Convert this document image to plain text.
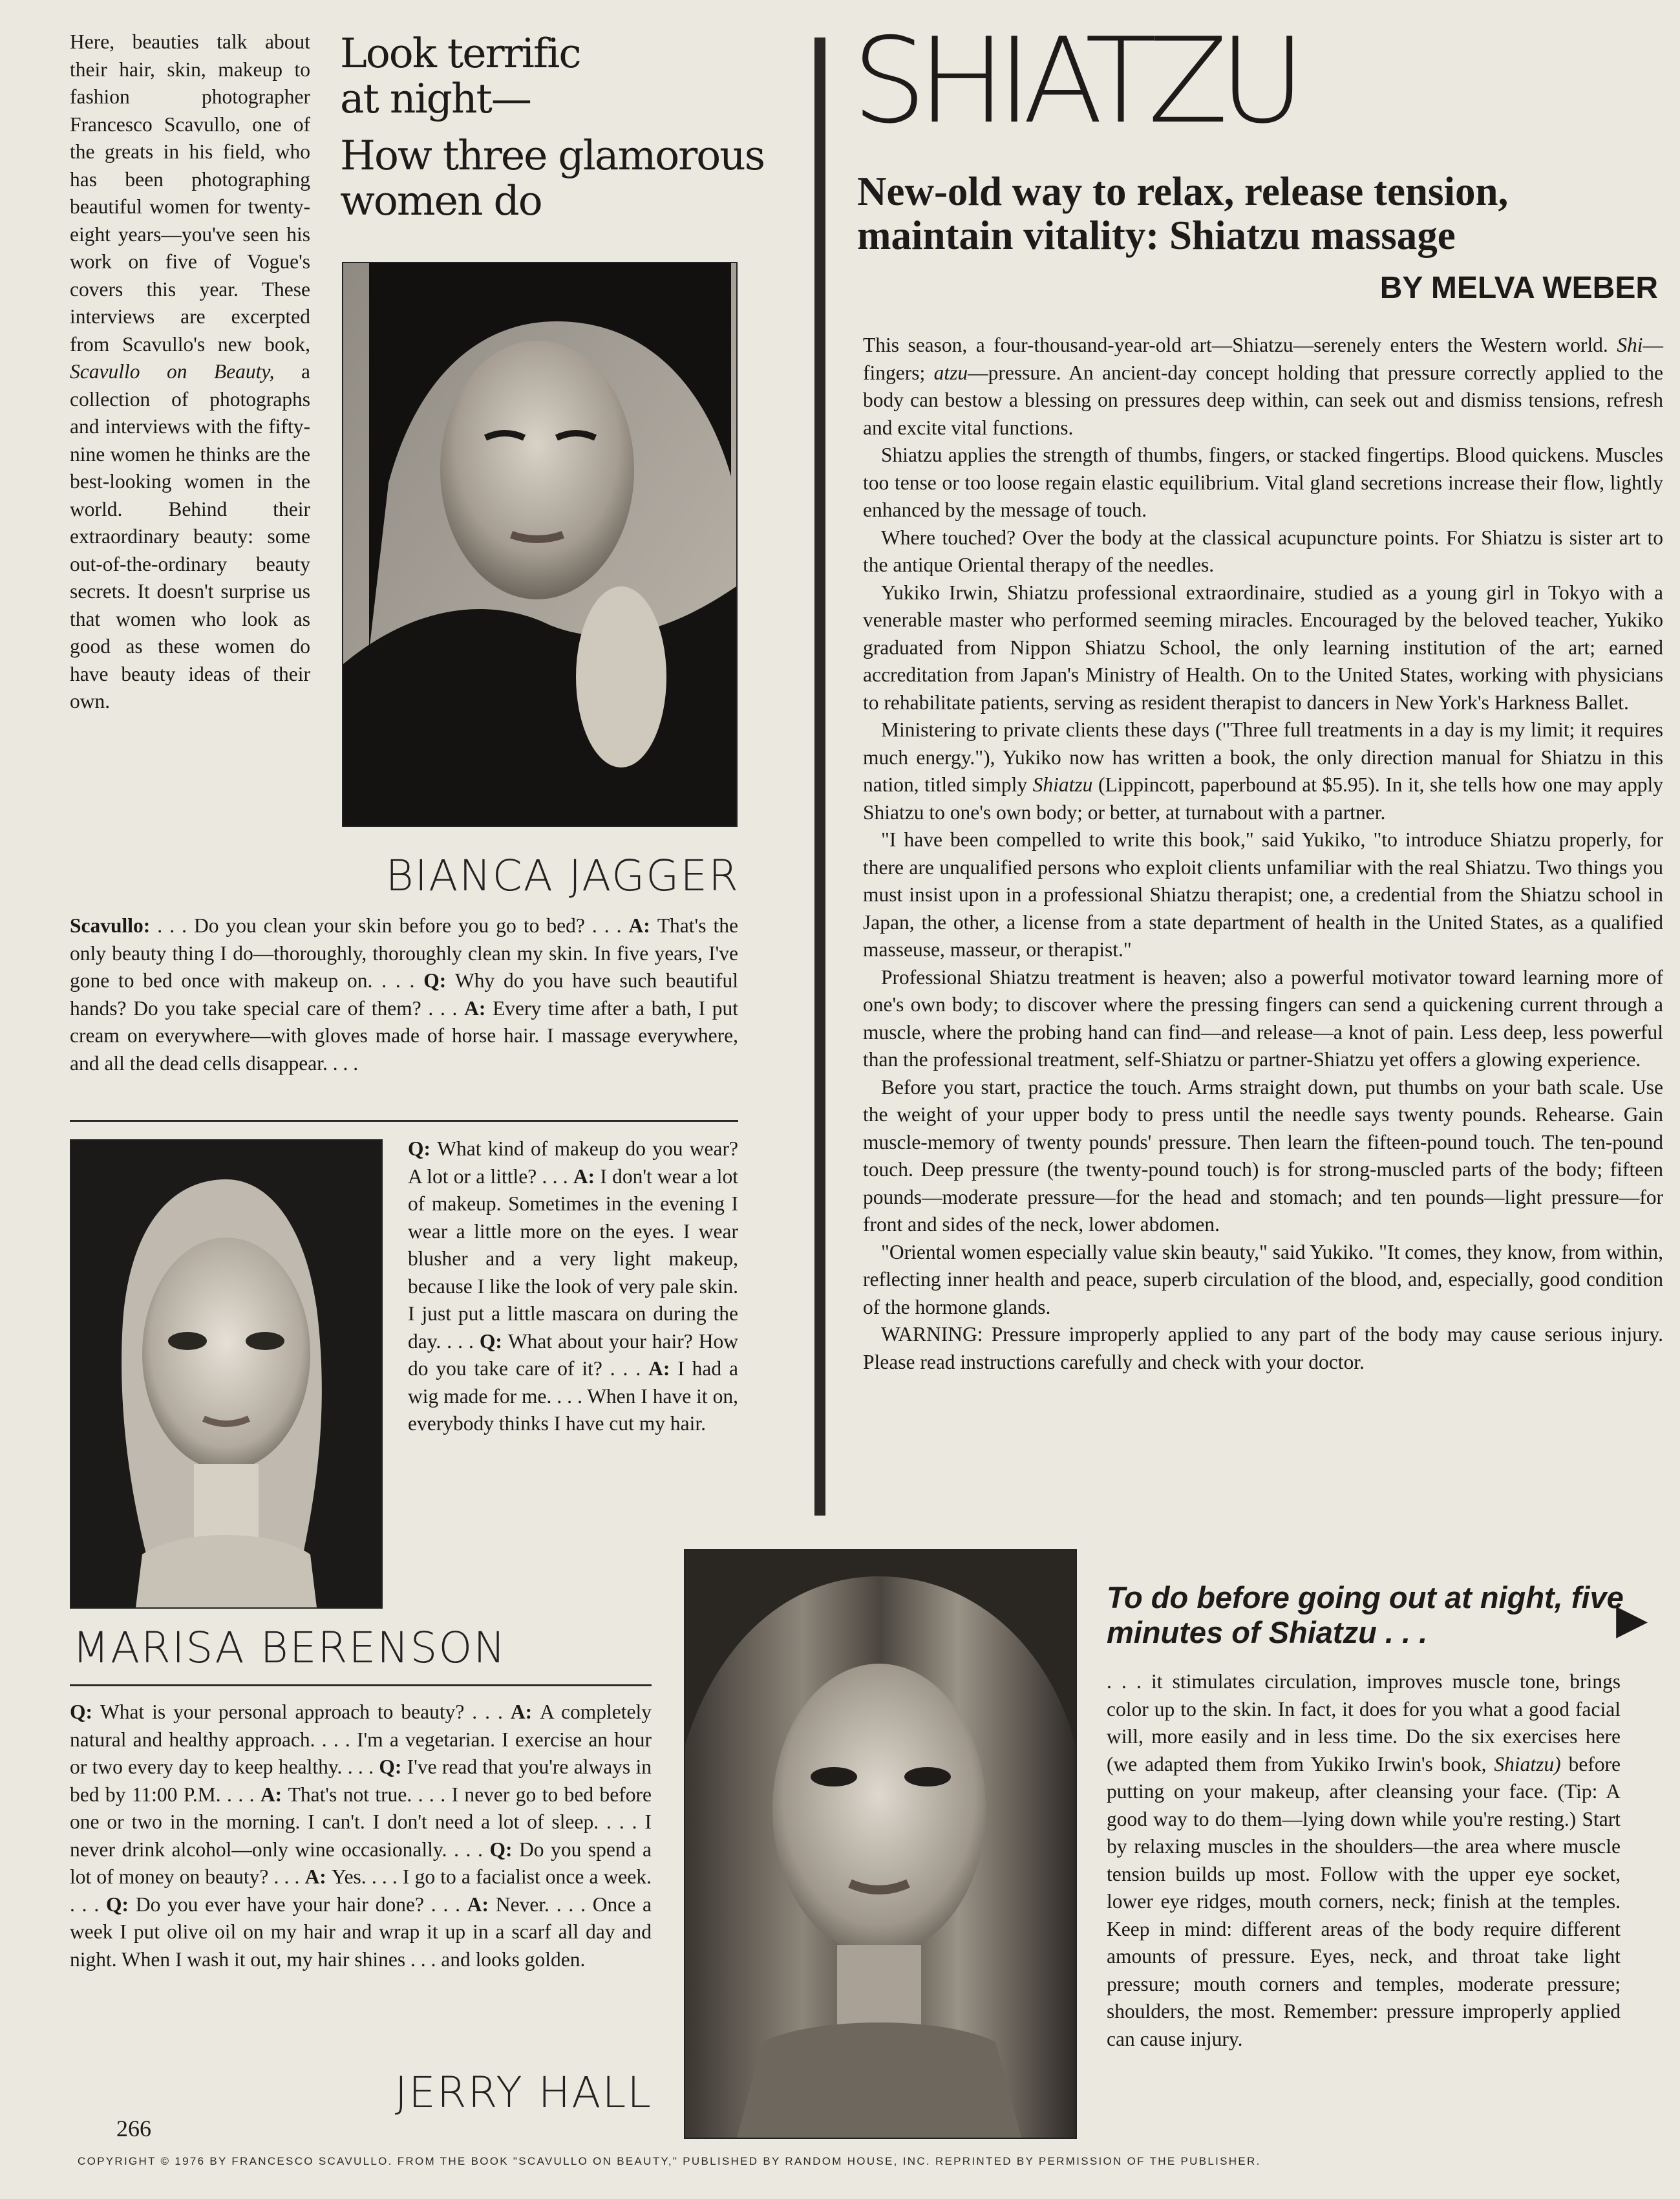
Here, beauties talk about their hair, skin, makeup to fashion photographer Francesco Scavullo, one of the greats in his field, who has been photographing beautiful women for twenty-eight years—you've seen his work on five of Vogue's covers this year. These interviews are excerpted from Scavullo's new book, Scavullo on Beauty, a collection of photographs and interviews with the fifty-nine women he thinks are the best-looking women in the world. Behind their extraordinary beauty: some out-of-the-ordinary beauty secrets. It doesn't surprise us that women who look as good as these women do have beauty ideas of their own.
Look terrific
at night—
How three glamorous
women do
BIANCA JAGGER
Scavullo: . . . Do you clean your skin before you go to bed? . . . A: That's the only beauty thing I do—thoroughly, thoroughly clean my skin. In five years, I've gone to bed once with makeup on. . . . Q: Why do you have such beautiful hands? Do you take special care of them? . . . A: Every time after a bath, I put cream on everywhere—with gloves made of horse hair. I massage everywhere, and all the dead cells disappear. . . .
Q: What kind of makeup do you wear? A lot or a little? . . . A: I don't wear a lot of makeup. Sometimes in the evening I wear a little more on the eyes. I wear blusher and a very light makeup, because I like the look of very pale skin. I just put a little mascara on during the day. . . . Q: What about your hair? How do you take care of it? . . . A: I had a wig made for me. . . . When I have it on, everybody thinks I have cut my hair.
MARISA BERENSON
Q: What is your personal approach to beauty? . . . A: A completely natural and healthy approach. . . . I'm a vegetarian. I exercise an hour or two every day to keep healthy. . . . Q: I've read that you're always in bed by 11:00 P.M. . . . A: That's not true. . . . I never go to bed before one or two in the morning. I can't. I don't need a lot of sleep. . . . I never drink alcohol—only wine occasionally. . . . Q: Do you spend a lot of money on beauty? . . . A: Yes. . . . I go to a facialist once a week. . . . Q: Do you ever have your hair done? . . . A: Never. . . . Once a week I put olive oil on my hair and wrap it up in a scarf all day and night. When I wash it out, my hair shines . . . and looks golden.
JERRY HALL
SHIATZU
New-old way to relax, release tension, maintain vitality: Shiatzu massage
BY MELVA WEBER

This season, a four-thousand-year-old art—Shiatzu—serenely enters the Western world. Shi—fingers; atzu—pressure. An ancient-day concept holding that pressure correctly applied to the body can bestow a blessing on pressures deep within, can seek out and dismiss tensions, refresh and excite vital functions.

Shiatzu applies the strength of thumbs, fingers, or stacked fingertips. Blood quickens. Muscles too tense or too loose regain elastic equilibrium. Vital gland secretions increase their flow, lightly enhanced by the message of touch.

Where touched? Over the body at the classical acupuncture points. For Shiatzu is sister art to the antique Oriental therapy of the needles.

Yukiko Irwin, Shiatzu professional extraordinaire, studied as a young girl in Tokyo with a venerable master who performed seeming miracles. Encouraged by the beloved teacher, Yukiko graduated from Nippon Shiatzu School, the only learning institution of the art; earned accreditation from Japan's Ministry of Health. On to the United States, working with physicians to rehabilitate patients, serving as resident therapist to dancers in New York's Harkness Ballet.

Ministering to private clients these days ("Three full treatments in a day is my limit; it requires much energy."), Yukiko now has written a book, the only direction manual for Shiatzu in this nation, titled simply Shiatzu (Lippincott, paperbound at $5.95). In it, she tells how one may apply Shiatzu to one's own body; or better, at turnabout with a partner.

"I have been compelled to write this book," said Yukiko, "to introduce Shiatzu properly, for there are unqualified persons who exploit clients unfamiliar with the real Shiatzu. Two things you must insist upon in a professional Shiatzu therapist; one, a credential from the Shiatzu school in Japan, the other, a license from a state department of health in the United States, as a qualified masseuse, masseur, or therapist."

Professional Shiatzu treatment is heaven; also a powerful motivator toward learning more of one's own body; to discover where the pressing fingers can send a quickening current through a muscle, where the probing hand can find—and release—a knot of pain. Less deep, less powerful than the professional treatment, self-Shiatzu or partner-Shiatzu yet offers a glowing experience.

Before you start, practice the touch. Arms straight down, put thumbs on your bath scale. Use the weight of your upper body to press until the needle says twenty pounds. Rehearse. Gain muscle-memory of twenty pounds' pressure. Then learn the fifteen-pound touch. The ten-pound touch. Deep pressure (the twenty-pound touch) is for strong-muscled parts of the body; fifteen pounds—moderate pressure—for the head and stomach; and ten pounds—light pressure—for front and sides of the neck, lower abdomen.

"Oriental women especially value skin beauty," said Yukiko. "It comes, they know, from within, reflecting inner health and peace, superb circulation of the blood, and, especially, good condition of the hormone glands.

WARNING: Pressure improperly applied to any part of the body may cause serious injury. Please read instructions carefully and check with your doctor.

To do before going out at night, five minutes of Shiatzu . . .	▶
. . . it stimulates circulation, improves muscle tone, brings color up to the skin. In fact, it does for you what a good facial will, more easily and in less time. Do the six exercises here (we adapted them from Yukiko Irwin's book, Shiatzu) before putting on your makeup, after cleansing your face. (Tip: A good way to do them—lying down while you're resting.) Start by relaxing muscles in the shoulders—the area where muscle tension builds up most. Follow with the upper eye socket, lower eye ridges, mouth corners, neck; finish at the temples. Keep in mind: different areas of the body require different amounts of pressure. Eyes, neck, and throat take light pressure; mouth corners and temples, moderate pressure; shoulders, the most. Remember: pressure improperly applied can cause injury.
266
COPYRIGHT © 1976 BY FRANCESCO SCAVULLO. FROM THE BOOK "SCAVULLO ON BEAUTY," PUBLISHED BY RANDOM HOUSE, INC. REPRINTED BY PERMISSION OF THE PUBLISHER.
